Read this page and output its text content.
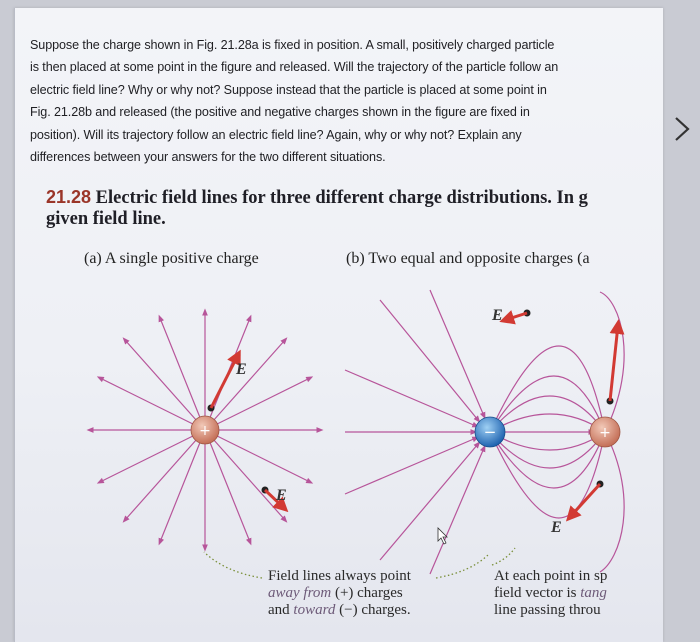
Suppose the charge shown in Fig. 21.28a is fixed in position. A small, positively charged particle
is then placed at some point in the figure and released. Will the trajectory of the particle follow an
electric field line? Why or why not? Suppose instead that the particle is placed at some point in
Fig. 21.28b and released (the positive and negative charges shown in the figure are fixed in
position). Will its trajectory follow an electric field line? Again, why or why not? Explain any
differences between your answers for the two different situations.
21.28 Electric field lines for three different charge distributions. In g
given field line.
(a) A single positive charge	(b) Two equal and opposite charges (a
+
E
E
−	+
E
E
Field lines always point
away from (+) charges
and toward (−) charges.
At each point in sp
field vector is tang
line passing throu
